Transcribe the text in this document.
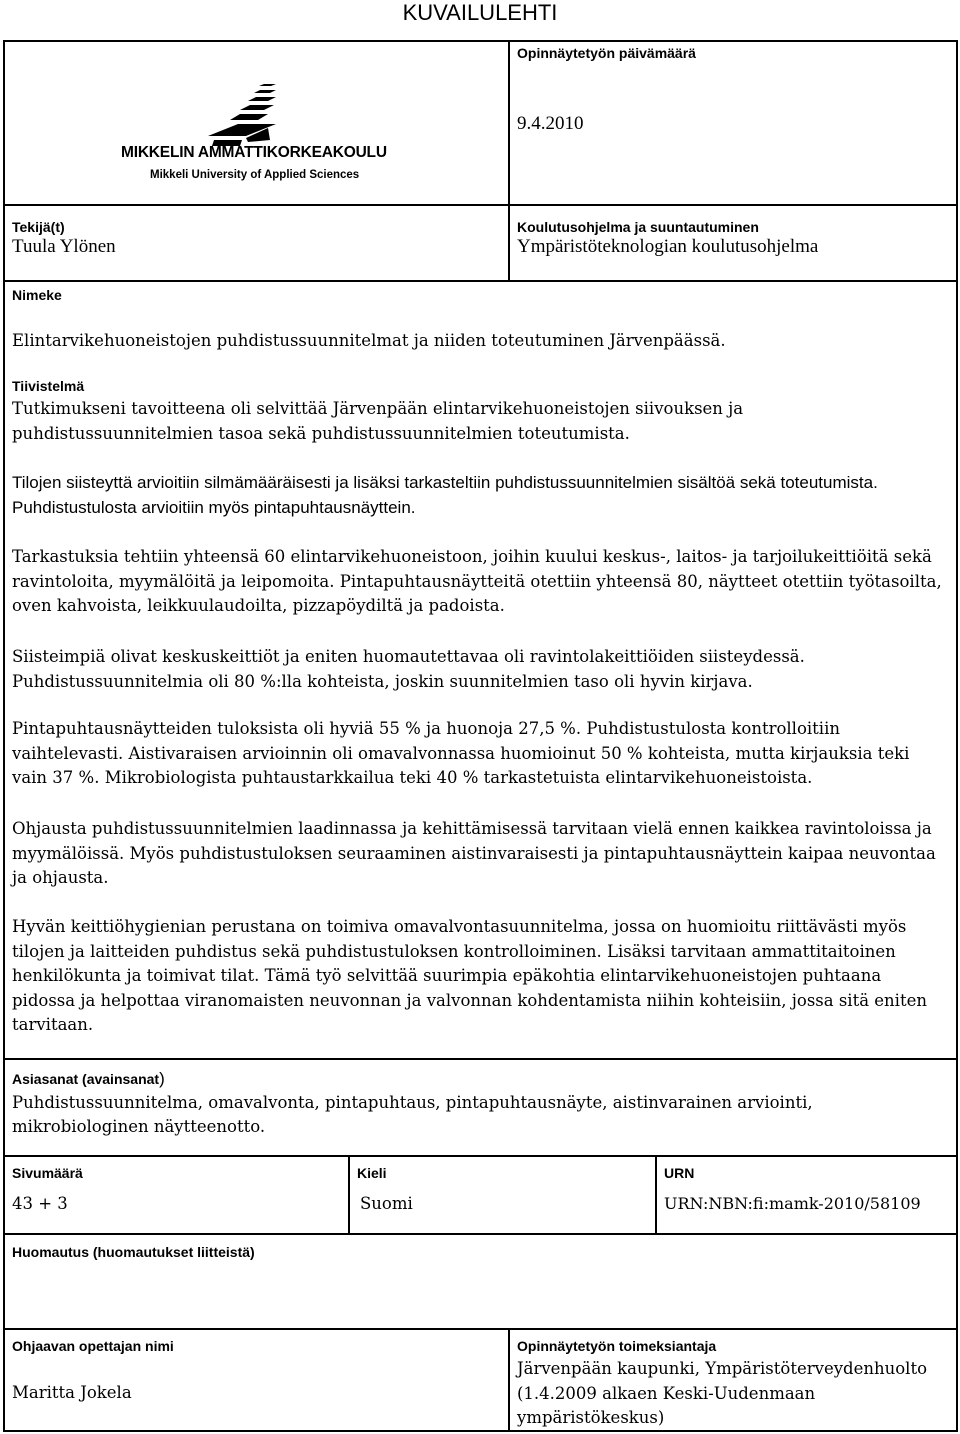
KUVAILULEHTI
MIKKELIN AMMATTIKORKEAKOULU
Mikkeli University of Applied Sciences
Opinnäytetyön päivämäärä
9.4.2010
Tekijä(t)
Tuula Ylönen
Koulutusohjelma ja suuntautuminen
Ympäristöteknologian koulutusohjelma
Nimeke
Elintarvikehuoneistojen puhdistussuunnitelmat ja niiden toteutuminen Järvenpäässä.
Tiivistelmä

Tutkimukseni tavoitteena oli selvittää Järvenpään elintarvikehuoneistojen siivouksen ja puhdistussuunnitelmien tasoa sekä puhdistussuunnitelmien toteutumista.

Tilojen siisteyttä arvioitiin silmämääräisesti ja lisäksi tarkasteltiin puhdistussuunnitelmien sisältöä sekä toteutumista. Puhdistustulosta arvioitiin myös pintapuhtausnäyttein.

Tarkastuksia tehtiin yhteensä 60 elintarvikehuoneistoon, joihin kuului keskus-, laitos- ja tarjoilukeittiöitä sekä ravintoloita, myymälöitä ja leipomoita. Pintapuhtausnäytteitä otettiin yhteensä 80, näytteet otettiin työtasoilta, oven kahvoista, leikkuulaudoilta, pizzapöydiltä ja padoista.

Siisteimpiä olivat keskuskeittiöt ja eniten huomautettavaa oli ravintolakeittiöiden siisteydessä. Puhdistussuunnitelmia oli 80 %:lla kohteista, joskin suunnitelmien taso oli hyvin kirjava.

Pintapuhtausnäytteiden tuloksista oli hyviä 55 % ja huonoja 27,5 %. Puhdistustulosta kontrolloitiin vaihtelevasti. Aistivaraisen arvioinnin oli omavalvonnassa huomioinut 50 % kohteista, mutta kirjauksia teki vain 37 %. Mikrobiologista puhtaustarkkailua teki 40 % tarkastetuista elintarvikehuoneistoista.

Ohjausta puhdistussuunnitelmien laadinnassa ja kehittämisessä tarvitaan vielä ennen kaikkea ravintoloissa ja myymälöissä. Myös puhdistustuloksen seuraaminen aistinvaraisesti ja pintapuhtausnäyttein kaipaa neuvontaa ja ohjausta.

Hyvän keittiöhygienian perustana on toimiva omavalvontasuunnitelma, jossa on huomioitu riittävästi myös tilojen ja laitteiden puhdistus sekä puhdistustuloksen kontrolloiminen. Lisäksi tarvitaan ammattitaitoinen henkilökunta ja toimivat tilat. Tämä työ selvittää suurimpia epäkohtia elintarvikehuoneistojen puhtaana pidossa ja helpottaa viranomaisten neuvonnan ja valvonnan kohdentamista niihin kohteisiin, jossa sitä eniten tarvitaan.

Asiasanat (avainsanat)

Puhdistussuunnitelma, omavalvonta, pintapuhtaus, pintapuhtausnäyte, aistinvarainen arviointi, mikrobiologinen näytteenotto.

Sivumäärä
43 + 3
Kieli
Suomi
URN
URN:NBN:fi:mamk-2010/58109
Huomautus (huomautukset liitteistä)
Ohjaavan opettajan nimi
Maritta Jokela
Opinnäytetyön toimeksiantaja

Järvenpään kaupunki, Ympäristöterveydenhuolto (1.4.2009 alkaen Keski-Uudenmaan ympäristökeskus)
